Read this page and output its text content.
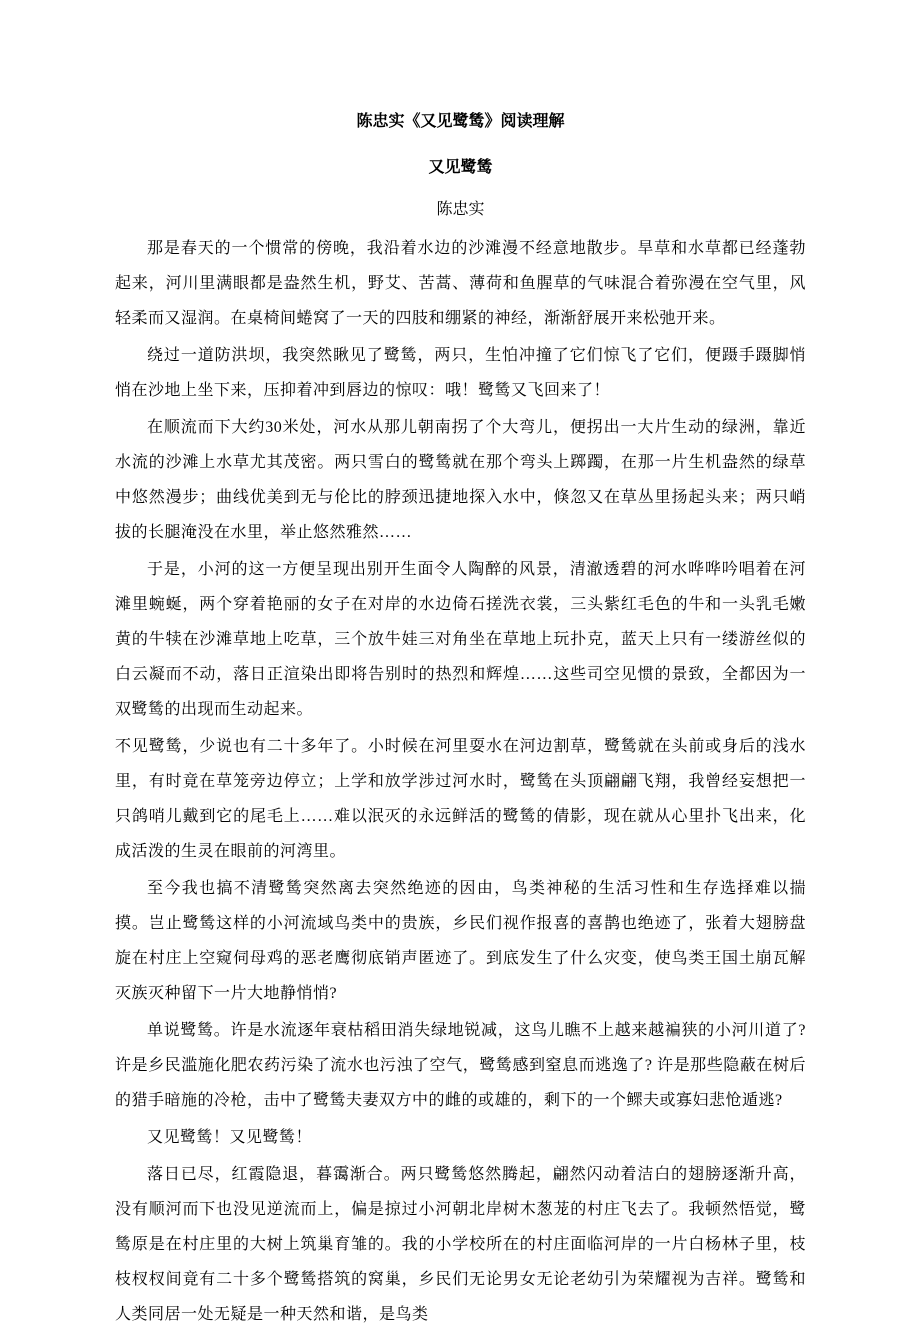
陈忠实《又见鹭鸶》阅读理解
又见鹭鸶
陈忠实

那是春天的一个惯常的傍晚，我沿着水边的沙滩漫不经意地散步。旱草和水草都已经蓬勃起来，河川里满眼都是盎然生机，野艾、苦蒿、薄荷和鱼腥草的气味混合着弥漫在空气里，风轻柔而又湿润。在桌椅间蜷窝了一天的四肢和绷紧的神经，渐渐舒展开来松弛开来。

绕过一道防洪坝，我突然瞅见了鹭鸶，两只，生怕冲撞了它们惊飞了它们，便蹑手蹑脚悄悄在沙地上坐下来，压抑着冲到唇边的惊叹：哦！鹭鸶又飞回来了！

在顺流而下大约30米处，河水从那儿朝南拐了个大弯儿，便拐出一大片生动的绿洲，靠近水流的沙滩上水草尤其茂密。两只雪白的鹭鸶就在那个弯头上踯躅，在那一片生机盎然的绿草中悠然漫步；曲线优美到无与伦比的脖颈迅捷地探入水中，倏忽又在草丛里扬起头来；两只峭拔的长腿淹没在水里，举止悠然雅然……

于是，小河的这一方便呈现出别开生面令人陶醉的风景，清澈透碧的河水哗哗吟唱着在河滩里蜿蜒，两个穿着艳丽的女子在对岸的水边倚石搓洗衣裳，三头紫红毛色的牛和一头乳毛嫩黄的牛犊在沙滩草地上吃草，三个放牛娃三对角坐在草地上玩扑克，蓝天上只有一缕游丝似的白云凝而不动，落日正渲染出即将告别时的热烈和辉煌……这些司空见惯的景致，全都因为一双鹭鸶的出现而生动起来。

不见鹭鸶，少说也有二十多年了。小时候在河里耍水在河边割草，鹭鸶就在头前或身后的浅水里，有时竟在草笼旁边停立；上学和放学涉过河水时，鹭鸶在头顶翩翩飞翔，我曾经妄想把一只鸽哨儿戴到它的尾毛上……难以泯灭的永远鲜活的鹭鸶的倩影，现在就从心里扑飞出来，化成活泼的生灵在眼前的河湾里。

至今我也搞不清鹭鸶突然离去突然绝迹的因由，鸟类神秘的生活习性和生存选择难以揣摸。岂止鹭鸶这样的小河流域鸟类中的贵族，乡民们视作报喜的喜鹊也绝迹了，张着大翅膀盘旋在村庄上空窥伺母鸡的恶老鹰彻底销声匿迹了。到底发生了什么灾变，使鸟类王国土崩瓦解灭族灭种留下一片大地静悄悄?

单说鹭鸶。许是水流逐年衰枯稻田消失绿地锐减，这鸟儿瞧不上越来越褊狭的小河川道了? 许是乡民滥施化肥农药污染了流水也污浊了空气，鹭鸶感到窒息而逃逸了? 许是那些隐蔽在树后的猎手暗施的冷枪，击中了鹭鸶夫妻双方中的雌的或雄的，剩下的一个鳏夫或寡妇悲怆遁逃?

又见鹭鸶！又见鹭鸶！

落日已尽，红霞隐退，暮霭渐合。两只鹭鸶悠然腾起，翩然闪动着洁白的翅膀逐渐升高，没有顺河而下也没见逆流而上，偏是掠过小河朝北岸树木葱茏的村庄飞去了。我顿然悟觉，鹭鸶原是在村庄里的大树上筑巢育雏的。我的小学校所在的村庄面临河岸的一片白杨林子里，枝枝杈杈间竟有二十多个鹭鸶搭筑的窝巢，乡民们无论男女无论老幼引为荣耀视为吉祥。鹭鸶和人类同居一处无疑是一种天然和谐，是鸟类
